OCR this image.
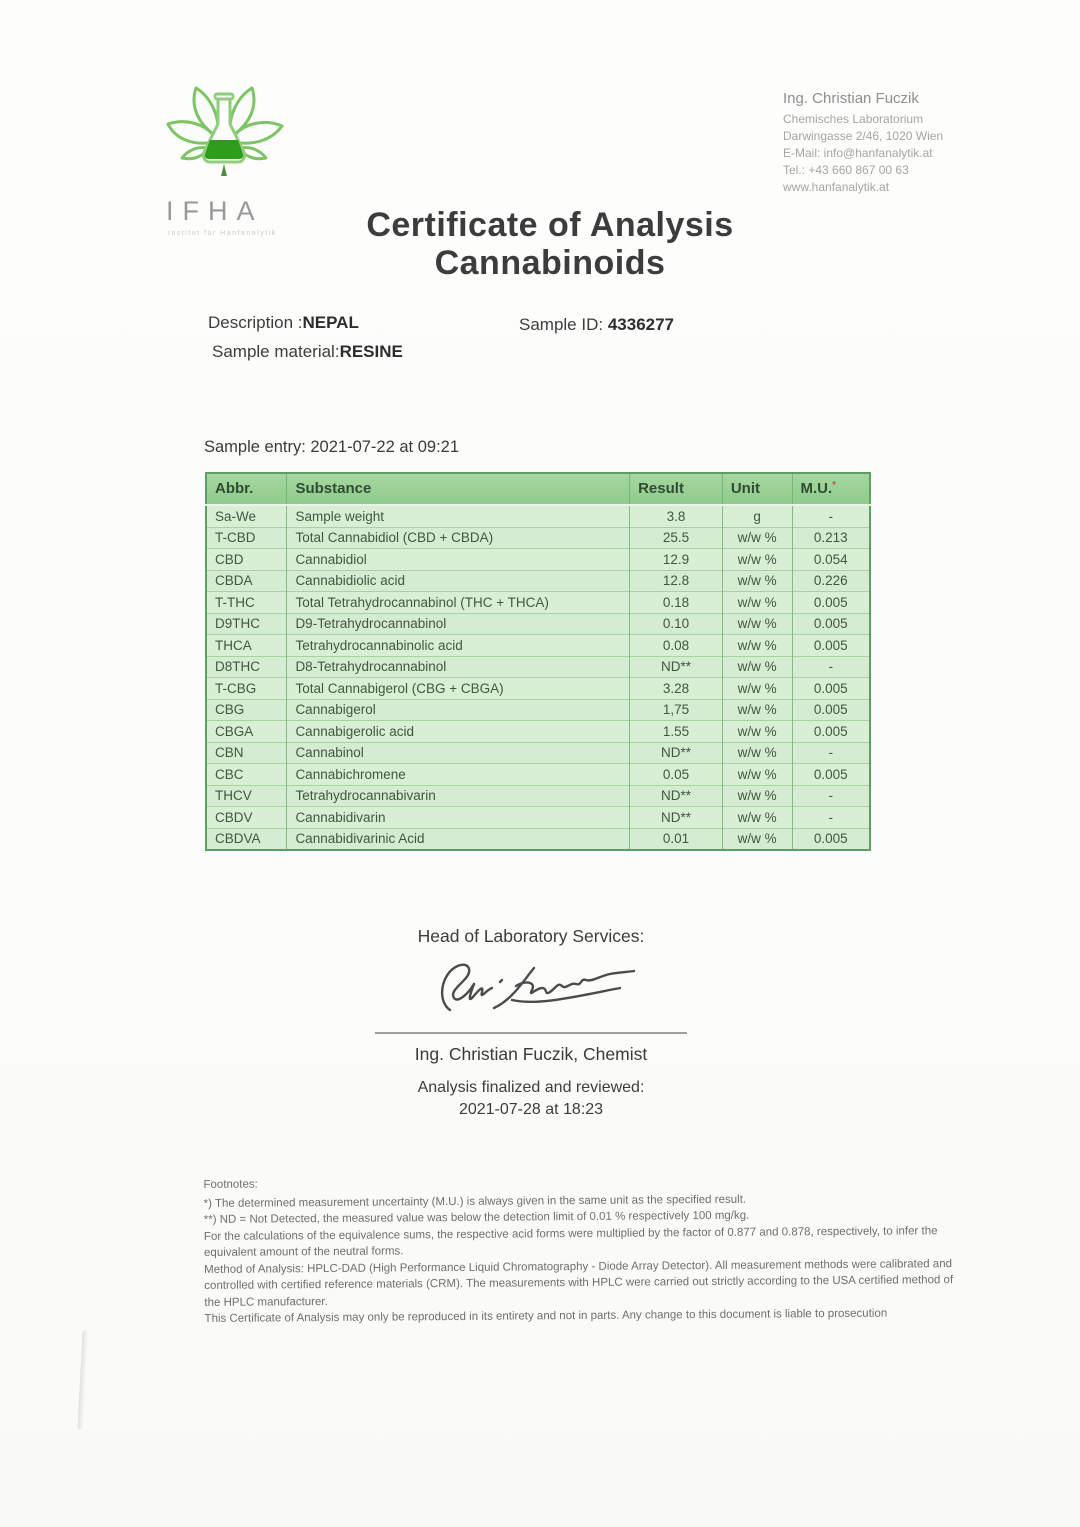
IFHA
Institut für Hanfanalytik
Ing. Christian Fuczik
Chemisches Laboratorium
Darwingasse 2/46, 1020 Wien
E-Mail: info@hanfanalytik.at
Tel.: +43 660 867 00 63
www.hanfanalytik.at
Certificate of Analysis
Cannabinoids
Description :NEPAL
Sample material:RESINE
Sample ID: 4336277
Sample entry: 2021-07-22 at 09:21
Abbr.	Substance	Result	Unit	M.U.*
Sa-We	Sample weight	3.8	g	-
T-CBD	Total Cannabidiol (CBD + CBDA)	25.5	w/w %	0.213
CBD	Cannabidiol	12.9	w/w %	0.054
CBDA	Cannabidiolic acid	12.8	w/w %	0.226
T-THC	Total Tetrahydrocannabinol (THC + THCA)	0.18	w/w %	0.005
D9THC	D9-Tetrahydrocannabinol	0.10	w/w %	0.005
THCA	Tetrahydrocannabinolic acid	0.08	w/w %	0.005
D8THC	D8-Tetrahydrocannabinol	ND**	w/w %	-
T-CBG	Total Cannabigerol (CBG + CBGA)	3.28	w/w %	0.005
CBG	Cannabigerol	1,75	w/w %	0.005
CBGA	Cannabigerolic acid	1.55	w/w %	0.005
CBN	Cannabinol	ND**	w/w %	-
CBC	Cannabichromene	0.05	w/w %	0.005
THCV	Tetrahydrocannabivarin	ND**	w/w %	-
CBDV	Cannabidivarin	ND**	w/w %	-
CBDVA	Cannabidivarinic Acid	0.01	w/w %	0.005
Head of Laboratory Services:
Ing. Christian Fuczik, Chemist
Analysis finalized and reviewed:
2021-07-28 at 18:23
Footnotes:

*) The determined measurement uncertainty (M.U.) is always given in the same unit as the specified result.

**) ND = Not Detected, the measured value was below the detection limit of 0.01 % respectively 100 mg/kg.

For the calculations of the equivalence sums, the respective acid forms were multiplied by the factor of 0.877 and 0.878, respectively, to infer the equivalent amount of the neutral forms.

Method of Analysis: HPLC-DAD (High Performance Liquid Chromatography - Diode Array Detector). All measurement methods were calibrated and controlled with certified reference materials (CRM). The measurements with HPLC were carried out strictly according to the USA certified method of the HPLC manufacturer.

This Certificate of Analysis may only be reproduced in its entirety and not in parts. Any change to this document is liable to prosecution
